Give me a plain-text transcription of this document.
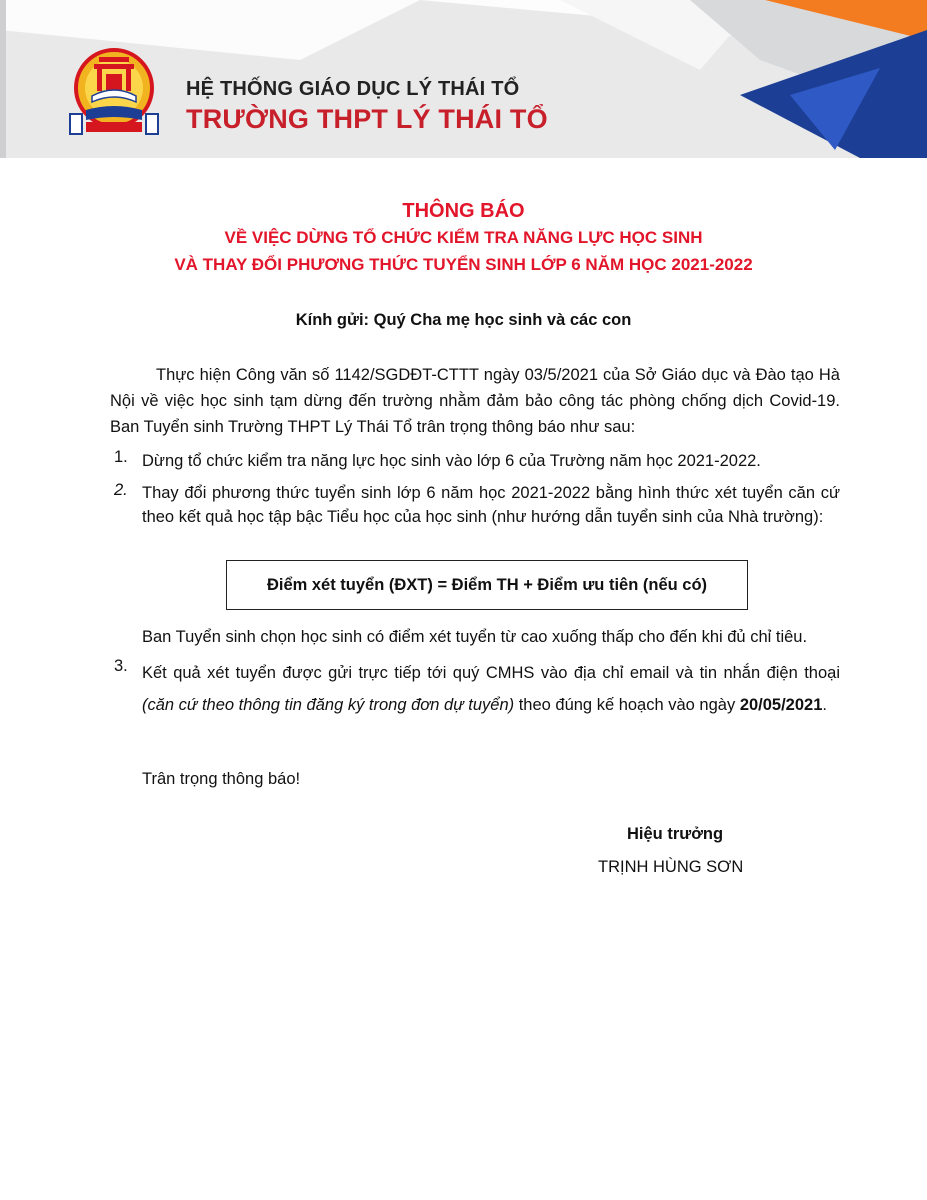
HỆ THỐNG GIÁO DỤC LÝ THÁI TỔ
TRƯỜNG THPT LÝ THÁI TỔ
THÔNG BÁO
VỀ VIỆC DỪNG TỔ CHỨC KIỂM TRA NĂNG LỰC HỌC SINH
VÀ THAY ĐỔI PHƯƠNG THỨC TUYỂN SINH LỚP 6 NĂM HỌC 2021-2022
Kính gửi: Quý Cha mẹ học sinh và các con
Thực hiện Công văn số 1142/SGDĐT-CTTT ngày 03/5/2021 của Sở Giáo dục và Đào tạo Hà Nội về việc học sinh tạm dừng đến trường nhằm đảm bảo công tác phòng chống dịch Covid-19. Ban Tuyển sinh Trường THPT Lý Thái Tổ trân trọng thông báo như sau:
1. Dừng tổ chức kiểm tra năng lực học sinh vào lớp 6 của Trường năm học 2021-2022.
2. Thay đổi phương thức tuyển sinh lớp 6 năm học 2021-2022 bằng hình thức xét tuyển căn cứ theo kết quả học tập bậc Tiểu học của học sinh (như hướng dẫn tuyển sinh của Nhà trường):
Điểm xét tuyển (ĐXT) = Điểm TH + Điểm ưu tiên (nếu có)
Ban Tuyển sinh chọn học sinh có điểm xét tuyển từ cao xuống thấp cho đến khi đủ chỉ tiêu.
3. Kết quả xét tuyển được gửi trực tiếp tới quý CMHS vào địa chỉ email và tin nhắn điện thoại (căn cứ theo thông tin đăng ký trong đơn dự tuyển) theo đúng kế hoạch vào ngày 20/05/2021.
Trân trọng thông báo!
Hiệu trưởng
TRỊNH HÙNG SƠN
